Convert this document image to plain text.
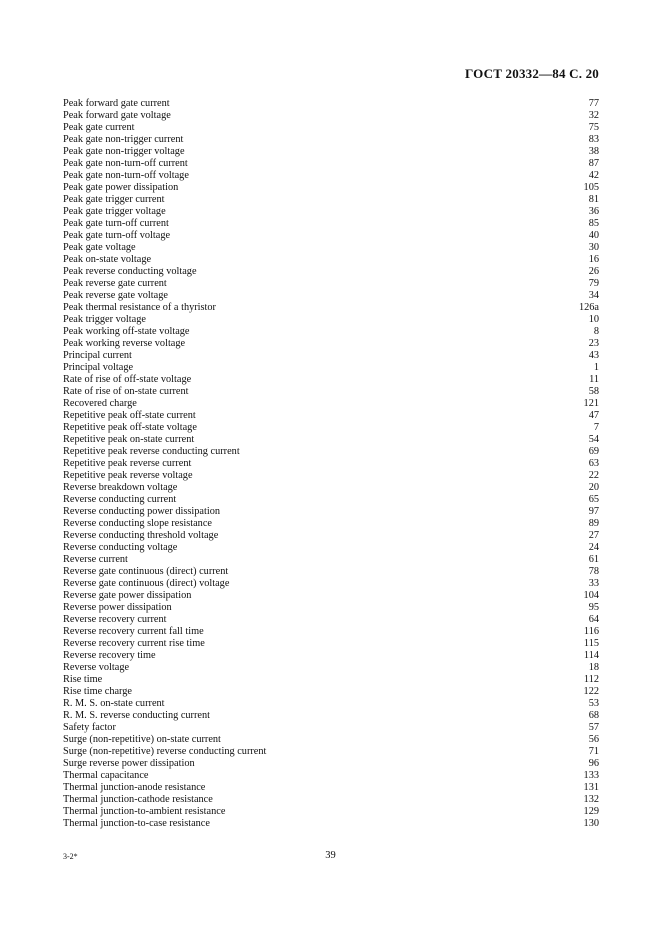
ГОСТ 20332—84 С. 20
Peak forward gate current	77
Peak forward gate voltage	32
Peak gate current	75
Peak gate non-trigger current	83
Peak gate non-trigger voltage	38
Peak gate non-turn-off current	87
Peak gate non-turn-off voltage	42
Peak gate power dissipation	105
Peak gate trigger current	81
Peak gate trigger voltage	36
Peak gate turn-off current	85
Peak gate turn-off voltage	40
Peak gate voltage	30
Peak on-state voltage	16
Peak reverse conducting voltage	26
Peak reverse gate current	79
Peak reverse gate voltage	34
Peak thermal resistance of a thyristor	126a
Peak trigger voltage	10
Peak working off-state voltage	8
Peak working reverse voltage	23
Principal current	43
Principal voltage	1
Rate of rise of off-state voltage	11
Rate of rise of on-state current	58
Recovered charge	121
Repetitive peak off-state current	47
Repetitive peak off-state voltage	7
Repetitive peak on-state current	54
Repetitive peak reverse conducting current	69
Repetitive peak reverse current	63
Repetitive peak reverse voltage	22
Reverse breakdown voltage	20
Reverse conducting current	65
Reverse conducting power dissipation	97
Reverse conducting slope resistance	89
Reverse conducting threshold voltage	27
Reverse conducting voltage	24
Reverse current	61
Reverse gate continuous (direct) current	78
Reverse gate continuous (direct) voltage	33
Reverse gate power dissipation	104
Reverse power dissipation	95
Reverse recovery current	64
Reverse recovery current fall time	116
Reverse recovery current rise time	115
Reverse recovery time	114
Reverse voltage	18
Rise time	112
Rise time charge	122
R. M. S. on-state current	53
R. M. S. reverse conducting current	68
Safety factor	57
Surge (non-repetitive) on-state current	56
Surge (non-repetitive) reverse conducting current	71
Surge reverse power dissipation	96
Thermal capacitance	133
Thermal junction-anode resistance	131
Thermal junction-cathode resistance	132
Thermal junction-to-ambient resistance	129
Thermal junction-to-case resistance	130
3-2*	39
